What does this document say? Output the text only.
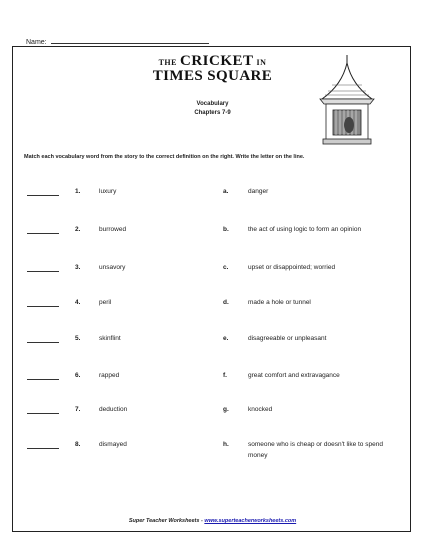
Name:
THE CRICKET IN
TIMES SQUARE
Vocabulary
Chapters 7-9
Match each vocabulary word from the story to the correct definition on the right. Write the letter on the line.
1.	luxury	a.	danger
2.	burrowed	b.	the act of using logic to form an opinion
3.	unsavory	c.	upset or disappointed; worried
4.	peril	d.	made a hole or tunnel
5.	skinflint	e.	disagreeable or unpleasant
6.	rapped	f.	great comfort and extravagance
7.	deduction	g.	knocked
8.	dismayed	h.	someone who is cheap or doesn't like to spend money
Super Teacher Worksheets - www.superteacherworksheets.com
